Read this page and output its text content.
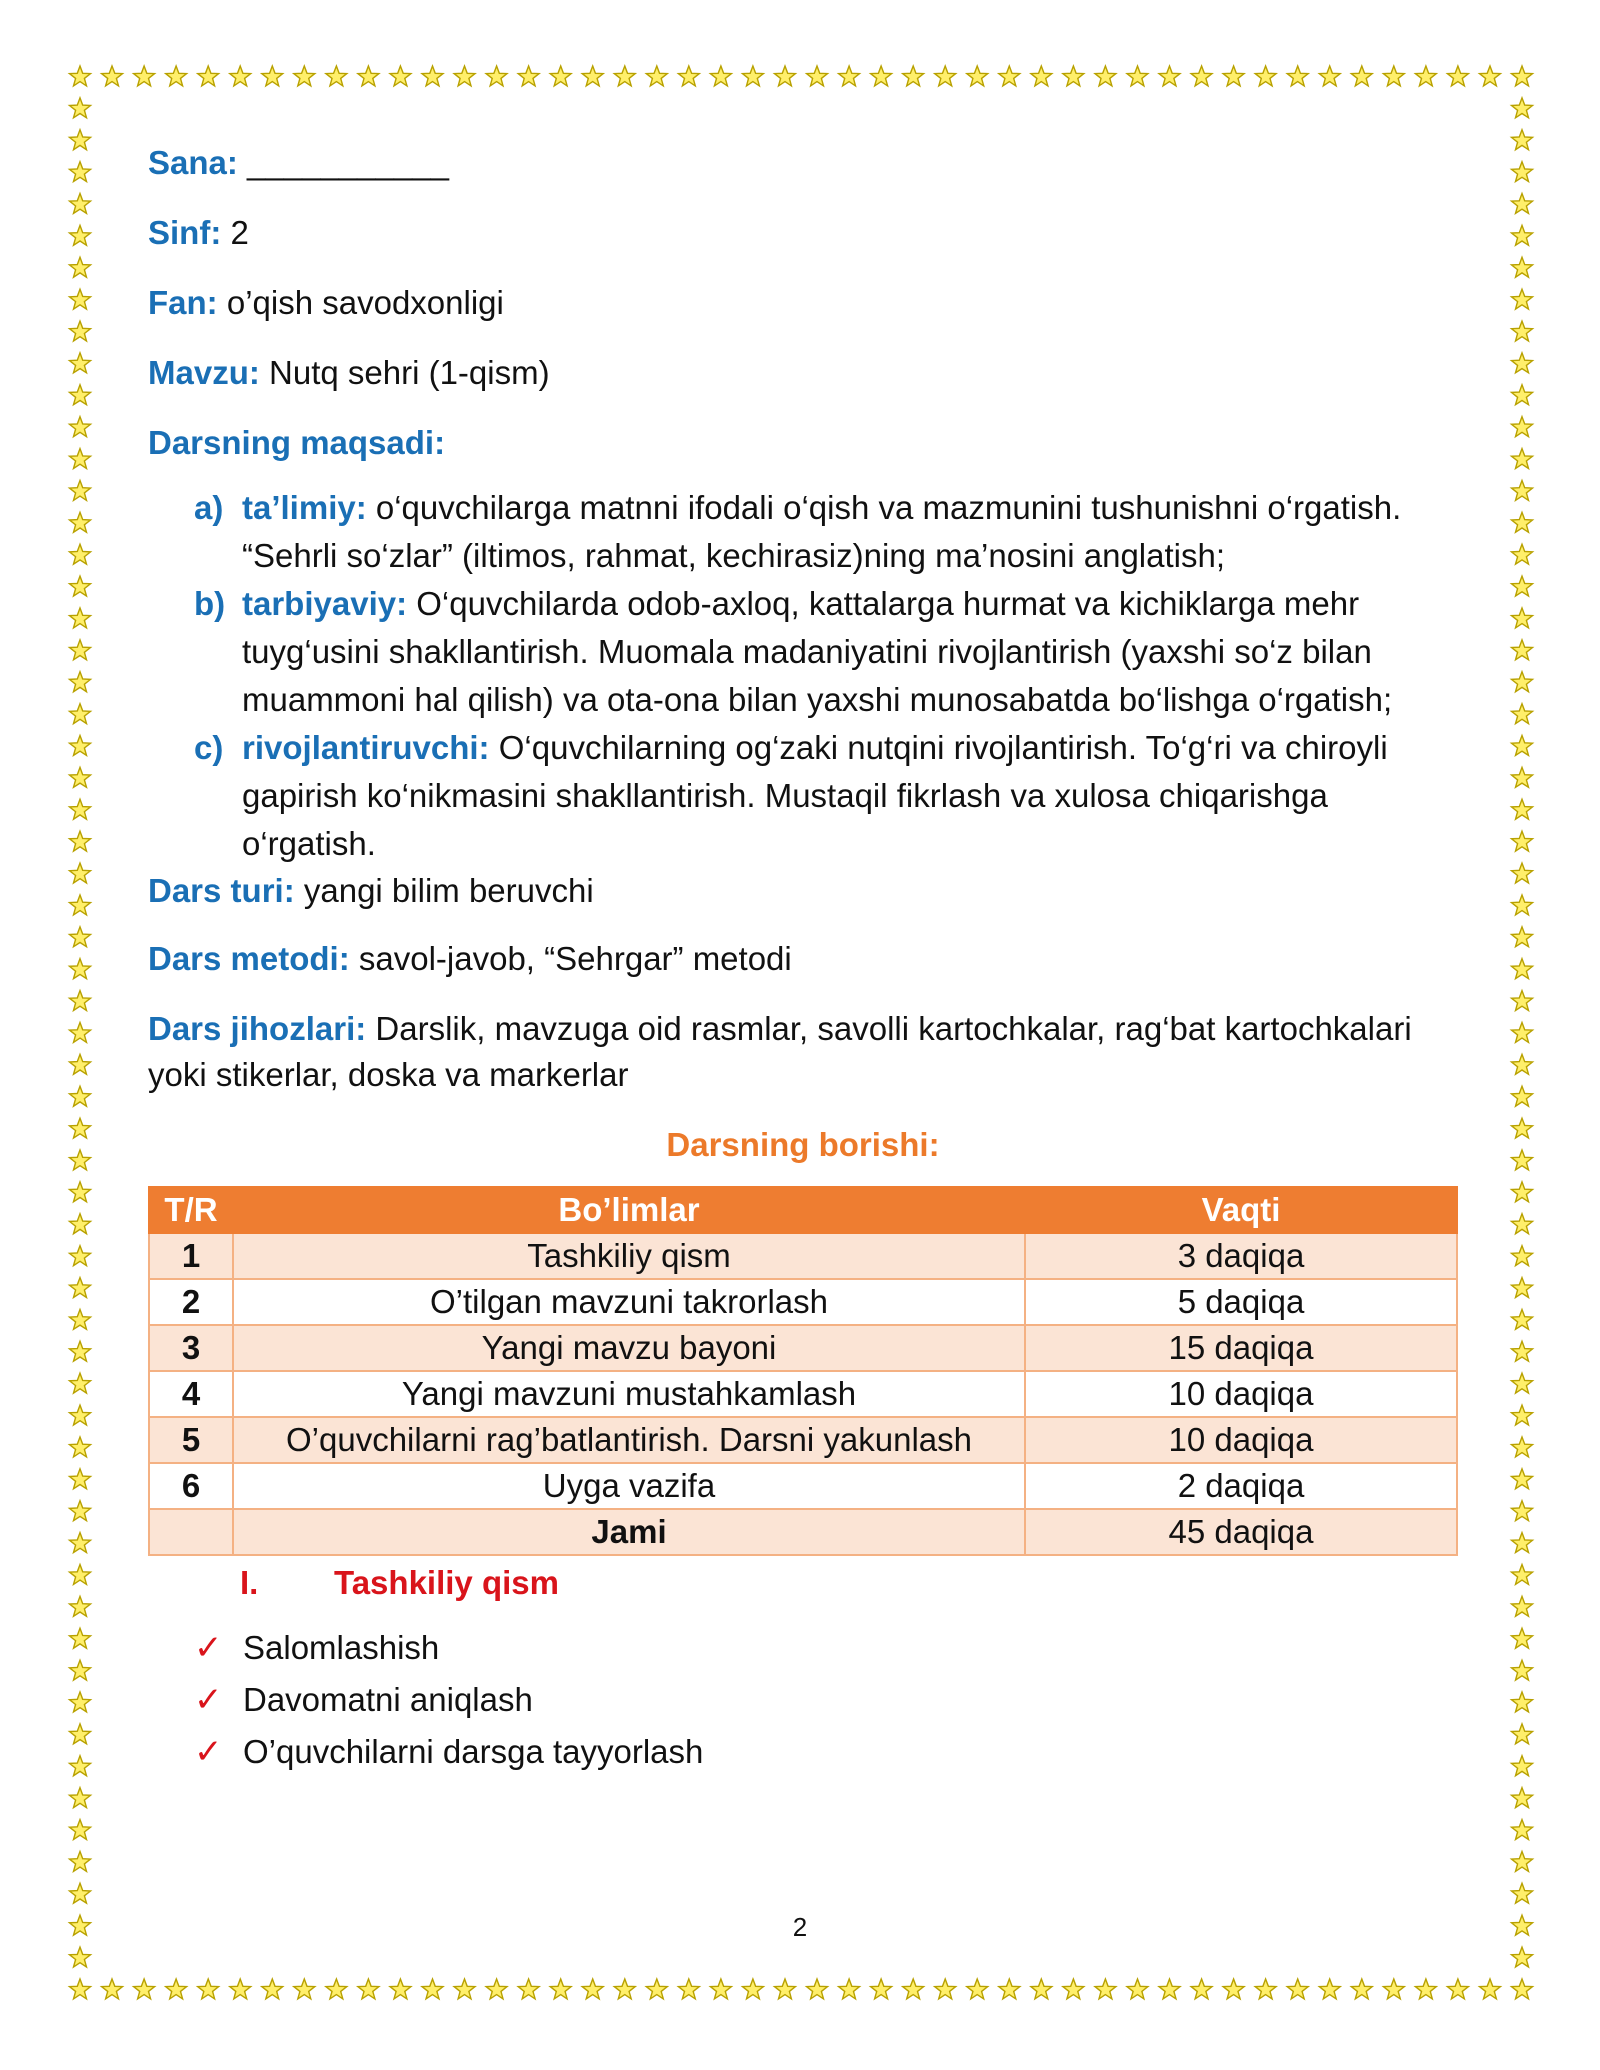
Sana: ___________

Sinf: 2

Fan: o’qish savodxonligi

Mavzu: Nutq sehri (1-qism)

Darsning maqsadi:

a) ta’limiy: o‘quvchilarga matnni ifodali o‘qish va mazmunini tushunishni o‘rgatish. “Sehrli so‘zlar” (iltimos, rahmat, kechirasiz)ning ma’nosini anglatish;
b) tarbiyaviy: O‘quvchilarda odob-axloq, kattalarga hurmat va kichiklarga mehr tuyg‘usini shakllantirish. Muomala madaniyatini rivojlantirish (yaxshi so‘z bilan muammoni hal qilish) va ota-ona bilan yaxshi munosabatda bo‘lishga o‘rgatish;
c) rivojlantiruvchi: O‘quvchilarning og‘zaki nutqini rivojlantirish. To‘g‘ri va chiroyli gapirish ko‘nikmasini shakllantirish. Mustaqil fikrlash va xulosa chiqarishga o‘rgatish.

Dars turi: yangi bilim beruvchi

Dars metodi: savol-javob, “Sehrgar” metodi

Dars jihozlari: Darslik, mavzuga oid rasmlar, savolli kartochkalar, rag‘bat kartochkalari yoki stikerlar, doska va markerlar

Darsning borishi:
T/R	Bo’limlar	Vaqti
1	Tashkiliy qism	3 daqiqa
2	O’tilgan mavzuni takrorlash	5 daqiqa
3	Yangi mavzu bayoni	15 daqiqa
4	Yangi mavzuni mustahkamlash	10 daqiqa
5	O’quvchilarni rag’batlantirish. Darsni yakunlash	10 daqiqa
6	Uyga vazifa	2 daqiqa
	Jami	45 daqiqa
I. Tashkiliy qism
✓ Salomlashish
✓ Davomatni aniqlash
✓ O’quvchilarni darsga tayyorlash
2
